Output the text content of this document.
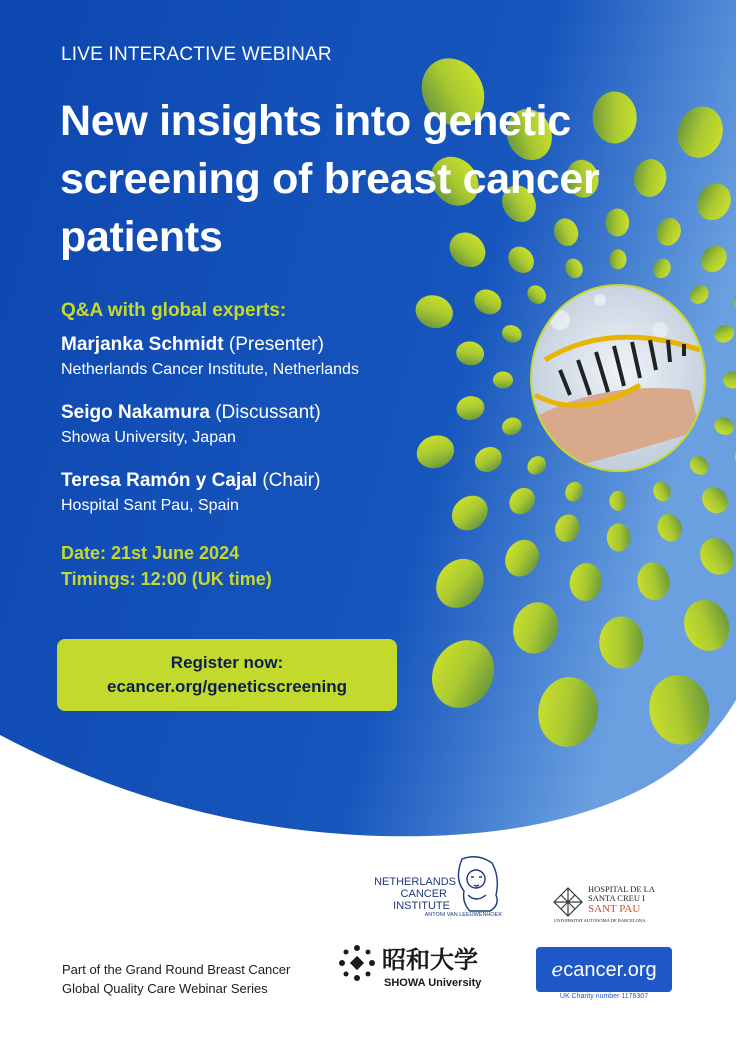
LIVE INTERACTIVE WEBINAR

New insights into genetic screening of breast cancer patients

Q&A with global experts:

Marjanka Schmidt (Presenter)
Netherlands Cancer Institute, Netherlands
Seigo Nakamura (Discussant)
Showa University, Japan
Teresa Ramón y Cajal (Chair)
Hospital Sant Pau, Spain

Date: 21st June 2024

Timings: 12:00 (UK time)

Register now:
ecancer.org/geneticscreening
NETHERLANDS
CANCER
INSTITUTE
ANTONI VAN LEEUWENHOEK
HOSPITAL DE LA
SANTA CREU I
SANT PAU
UNIVERSITAT AUTÒNOMA DE BARCELONA
昭和大学
SHOWA University
ecancer.org
UK Charity number 1176307
Part of the Grand Round Breast Cancer
Global Quality Care Webinar Series
